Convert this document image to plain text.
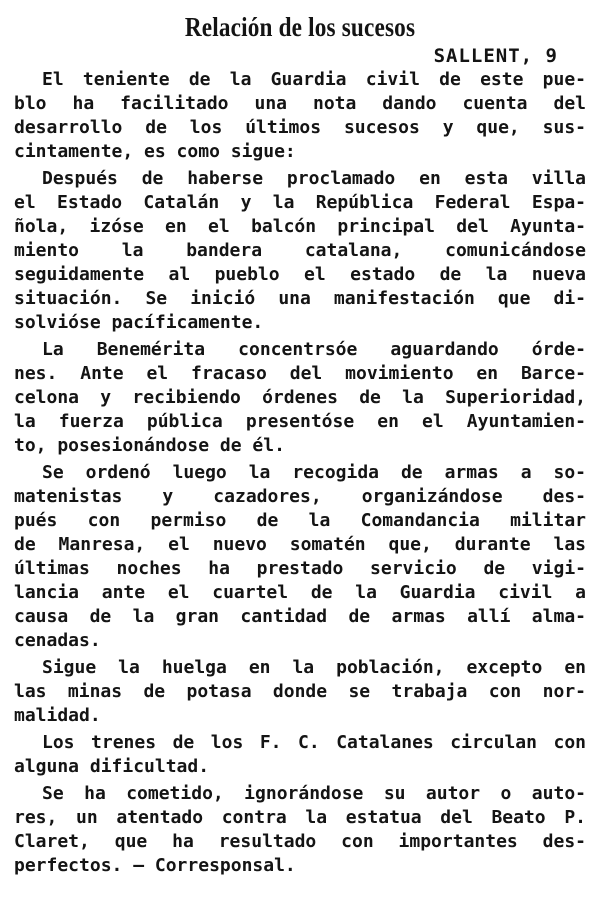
Relación de los sucesos

SALLENT, 9

El teniente de la Guardia civil de este pue-
blo ha facilitado una nota dando cuenta del
desarrollo de los últimos sucesos y que, sus-
cintamente, es como sigue:

Después de haberse proclamado en esta villa
el Estado Catalán y la República Federal Espa-
ñola, izóse en el balcón principal del Ayunta-
miento la bandera catalana, comunicándose
seguidamente al pueblo el estado de la nueva
situación. Se inició una manifestación que di-
solvióse pacíficamente.

La Benemérita concentrsóe aguardando órde-
nes. Ante el fracaso del movimiento en Barce-
celona y recibiendo órdenes de la Superioridad,
la fuerza pública presentóse en el Ayuntamien-
to, posesionándose de él.

Se ordenó luego la recogida de armas a so-
matenistas y cazadores, organizándose des-
pués con permiso de la Comandancia militar
de Manresa, el nuevo somatén que, durante las
últimas noches ha prestado servicio de vigi-
lancia ante el cuartel de la Guardia civil a
causa de la gran cantidad de armas allí alma-
cenadas.

Sigue la huelga en la población, excepto en
las minas de potasa donde se trabaja con nor-
malidad.

Los trenes de los F. C. Catalanes circulan con
alguna dificultad.

Se ha cometido, ignorándose su autor o auto-
res, un atentado contra la estatua del Beato P.
Claret, que ha resultado con importantes des-
perfectos. — Corresponsal.
